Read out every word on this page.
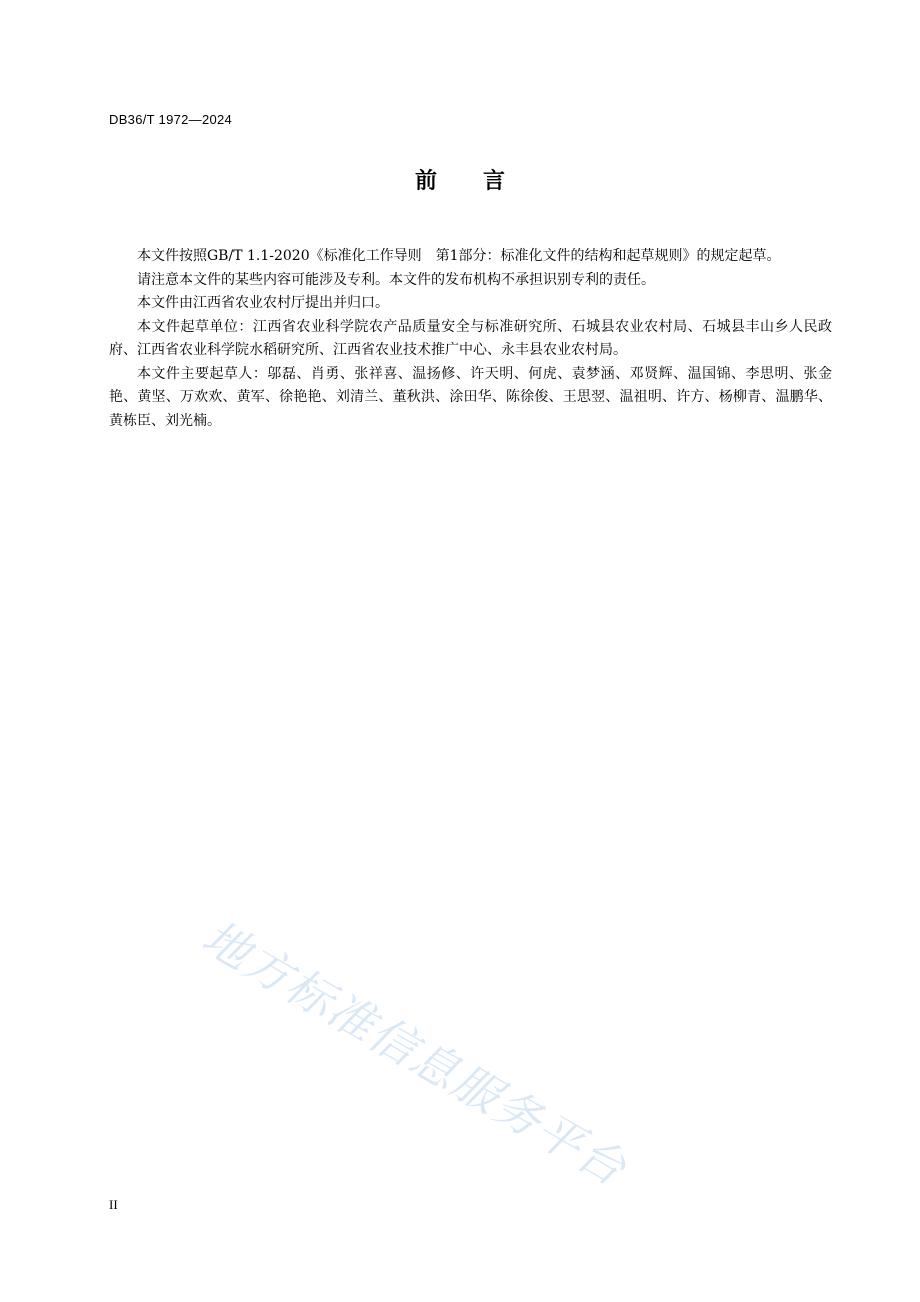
DB36/T 1972—2024
前言

本文件按照GB/T 1.1-2020《标准化工作导则　第1部分：标准化文件的结构和起草规则》的规定起草。

请注意本文件的某些内容可能涉及专利。本文件的发布机构不承担识别专利的责任。

本文件由江西省农业农村厅提出并归口。

本文件起草单位：江西省农业科学院农产品质量安全与标准研究所、石城县农业农村局、石城县丰山乡人民政府、江西省农业科学院水稻研究所、江西省农业技术推广中心、永丰县农业农村局。

本文件主要起草人：邬磊、肖勇、张祥喜、温扬修、许天明、何虎、袁梦涵、邓贤辉、温国锦、李思明、张金艳、黄坚、万欢欢、黄军、徐艳艳、刘清兰、董秋洪、涂田华、陈徐俊、王思翌、温祖明、许方、杨柳青、温鹏华、黄栋臣、刘光楠。

地方标准信息服务平台
II
